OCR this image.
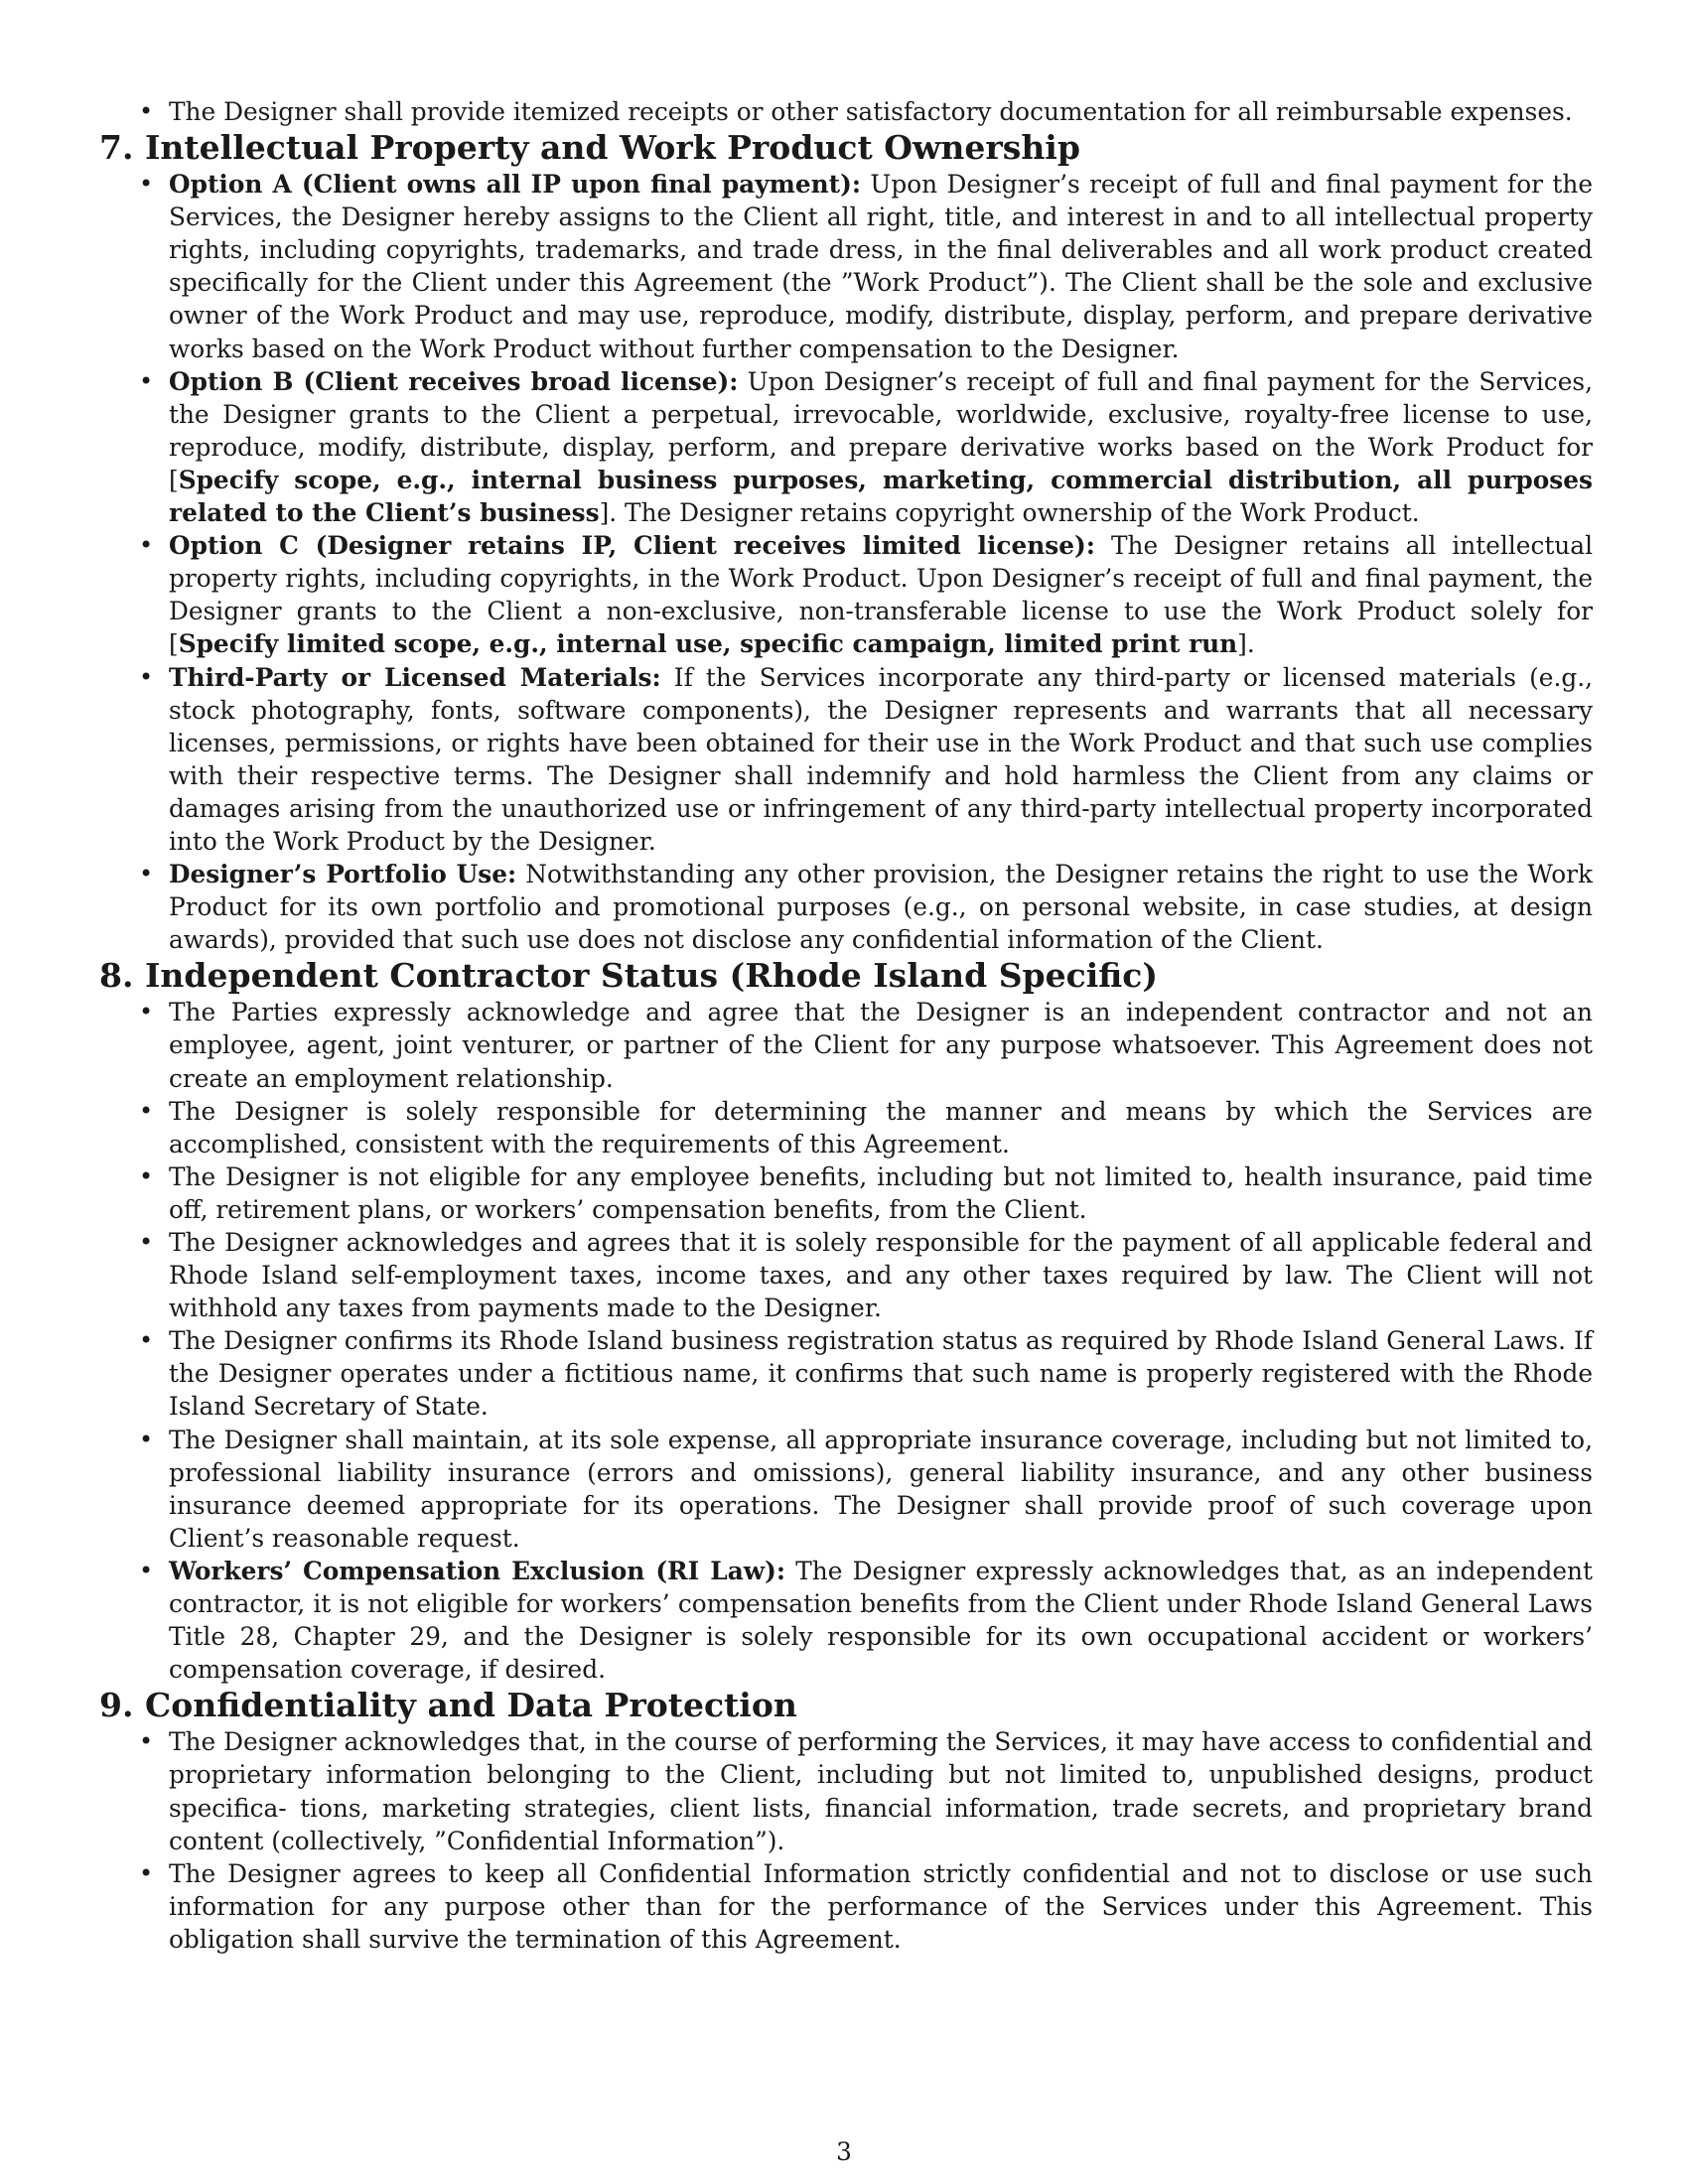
• The Designer shall provide itemized receipts or other satisfactory documentation for all reimbursable expenses.
7. Intellectual Property and Work Product Ownership
• Option A (Client owns all IP upon final payment): Upon Designer’s receipt of full and final payment for the Services, the Designer hereby assigns to the Client all right, title, and interest in and to all intellectual property rights, including copyrights, trademarks, and trade dress, in the final deliverables and all work product created specifically for the Client under this Agreement (the ”Work Product”). The Client shall be the sole and exclusive owner of the Work Product and may use, reproduce, modify, distribute, display, perform, and prepare derivative works based on the Work Product without further compensation to the Designer.
• Option B (Client receives broad license): Upon Designer’s receipt of full and final payment for the Services, the Designer grants to the Client a perpetual, irrevocable, worldwide, exclusive, royalty-free license to use, reproduce, modify, distribute, display, perform, and prepare derivative works based on the Work Product for [Specify scope, e.g., internal business purposes, marketing, commercial distribution, all purposes related to the Client’s business]. The Designer retains copyright ownership of the Work Product.
• Option C (Designer retains IP, Client receives limited license): The Designer retains all intellectual property rights, including copyrights, in the Work Product. Upon Designer’s receipt of full and final payment, the Designer grants to the Client a non-exclusive, non-transferable license to use the Work Product solely for [Specify limited scope, e.g., internal use, specific campaign, limited print run].
• Third-Party or Licensed Materials: If the Services incorporate any third-party or licensed materials (e.g., stock photography, fonts, software components), the Designer represents and warrants that all necessary licenses, permissions, or rights have been obtained for their use in the Work Product and that such use complies with their respective terms. The Designer shall indemnify and hold harmless the Client from any claims or damages arising from the unauthorized use or infringement of any third-party intellectual property incorporated into the Work Product by the Designer.
• Designer’s Portfolio Use: Notwithstanding any other provision, the Designer retains the right to use the Work Product for its own portfolio and promotional purposes (e.g., on personal website, in case studies, at design awards), provided that such use does not disclose any confidential information of the Client.
8. Independent Contractor Status (Rhode Island Specific)
• The Parties expressly acknowledge and agree that the Designer is an independent contractor and not an employee, agent, joint venturer, or partner of the Client for any purpose whatsoever. This Agreement does not create an employment relationship.
• The Designer is solely responsible for determining the manner and means by which the Services are accomplished, consistent with the requirements of this Agreement.
• The Designer is not eligible for any employee benefits, including but not limited to, health insurance, paid time off, retirement plans, or workers’ compensation benefits, from the Client.
• The Designer acknowledges and agrees that it is solely responsible for the payment of all applicable federal and Rhode Island self-employment taxes, income taxes, and any other taxes required by law. The Client will not withhold any taxes from payments made to the Designer.
• The Designer confirms its Rhode Island business registration status as required by Rhode Island General Laws. If the Designer operates under a fictitious name, it confirms that such name is properly registered with the Rhode Island Secretary of State.
• The Designer shall maintain, at its sole expense, all appropriate insurance coverage, including but not limited to, professional liability insurance (errors and omissions), general liability insurance, and any other business insurance deemed appropriate for its operations. The Designer shall provide proof of such coverage upon Client’s reasonable request.
• Workers’ Compensation Exclusion (RI Law): The Designer expressly acknowledges that, as an independent contractor, it is not eligible for workers’ compensation benefits from the Client under Rhode Island General Laws Title 28, Chapter 29, and the Designer is solely responsible for its own occupational accident or workers’ compensation coverage, if desired.
9. Confidentiality and Data Protection
• The Designer acknowledges that, in the course of performing the Services, it may have access to confidential and proprietary information belonging to the Client, including but not limited to, unpublished designs, product specifica- tions, marketing strategies, client lists, financial information, trade secrets, and proprietary brand content (collectively, ”Confidential Information”).
• The Designer agrees to keep all Confidential Information strictly confidential and not to disclose or use such information for any purpose other than for the performance of the Services under this Agreement. This obligation shall survive the termination of this Agreement.
3
